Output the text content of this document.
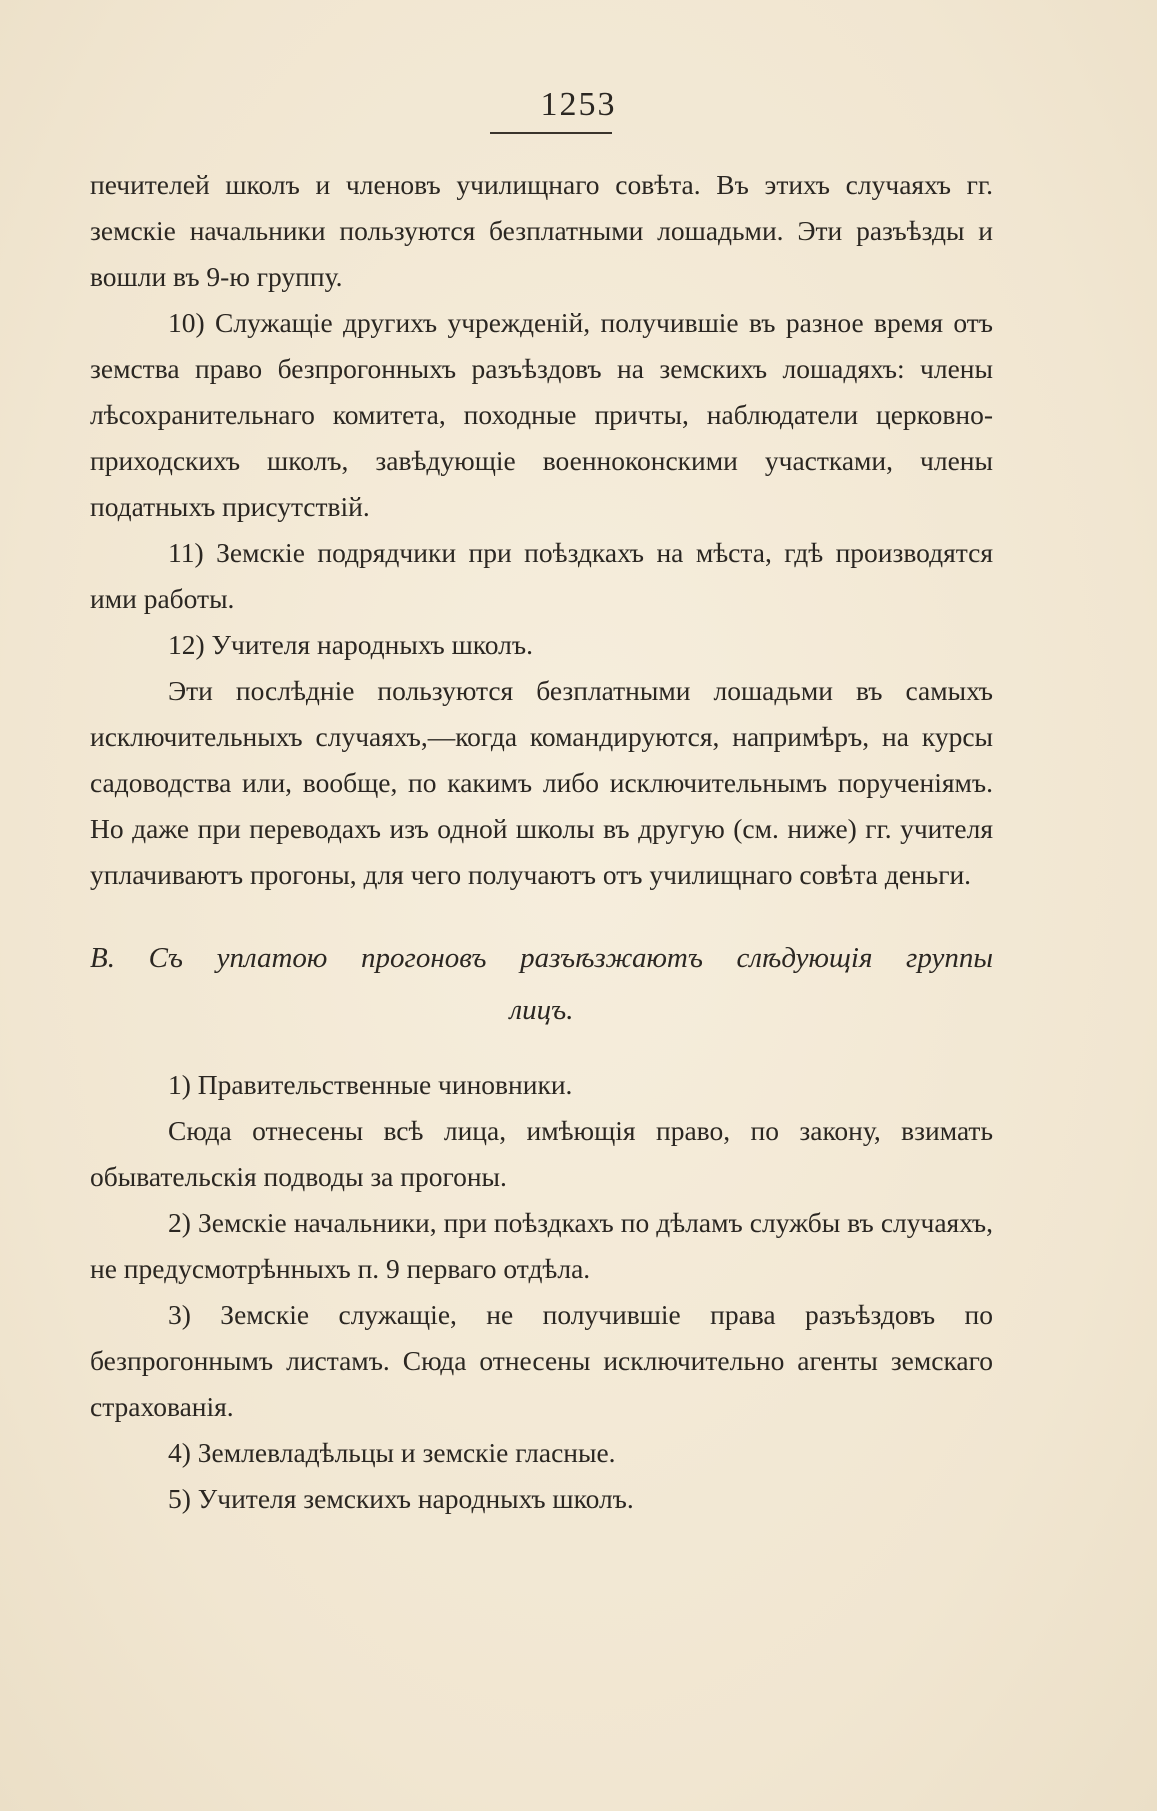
1253

печителей школъ и членовъ училищнаго совѣта. Въ этихъ случаяхъ гг. земскіе начальники пользуются безплатными лошадьми. Эти разъѣзды и вошли въ 9-ю группу.

10) Служащіе другихъ учрежденій, получившіе въ разное время отъ земства право безпрогонныхъ разъѣздовъ на земскихъ лошадяхъ: члены лѣсохранительнаго комитета, походные причты, наблюдатели церковно-приходскихъ школъ, завѣдующіе военноконскими участками, члены податныхъ присутствій.

11) Земскіе подрядчики при поѣздкахъ на мѣста, гдѣ производятся ими работы.

12) Учителя народныхъ школъ.

Эти послѣдніе пользуются безплатными лошадьми въ самыхъ исключительныхъ случаяхъ,—когда командируются, напримѣръ, на курсы садоводства или, вообще, по какимъ либо исключительнымъ порученіямъ. Но даже при переводахъ изъ одной школы въ другую (см. ниже) гг. учителя уплачиваютъ прогоны, для чего получаютъ отъ училищнаго совѣта деньги.

В. Съ уплатою прогоновъ разъѣзжаютъ слѣдующія группы
лицъ.

1) Правительственные чиновники.

Сюда отнесены всѣ лица, имѣющія право, по закону, взимать обывательскія подводы за прогоны.

2) Земскіе начальники, при поѣздкахъ по дѣламъ службы въ случаяхъ, не предусмотрѣнныхъ п. 9 перваго отдѣла.

3) Земскіе служащіе, не получившіе права разъѣздовъ по безпрогоннымъ листамъ. Сюда отнесены исключительно агенты земскаго страхованія.

4) Землевладѣльцы и земскіе гласные.

5) Учителя земскихъ народныхъ школъ.
